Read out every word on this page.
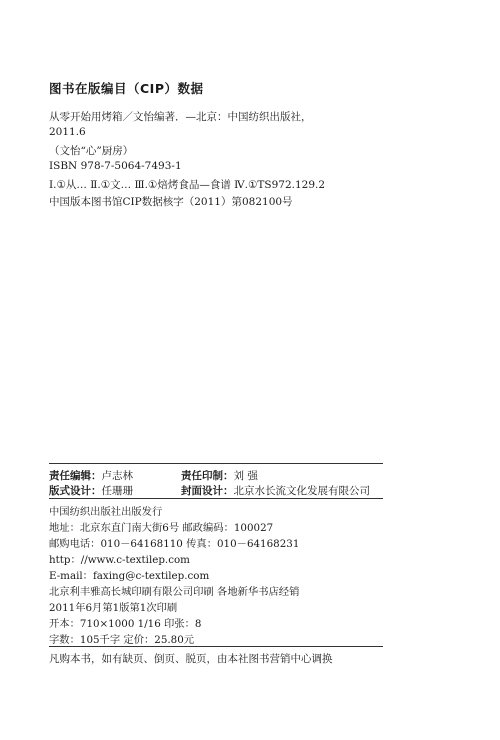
图书在版编目（CIP）数据
从零开始用烤箱／文怡编著．—北京：中国纺织出版社，
2011.6
（文怡“心”厨房）
ISBN 978-7-5064-7493-1
Ⅰ.①从… Ⅱ.①文… Ⅲ.①焙烤食品—食谱 Ⅳ.①TS972.129.2
中国版本图书馆CIP数据核字（2011）第082100号
责任编辑：卢志林	责任印制：刘 强
版式设计：任珊珊	封面设计：北京水长流文化发展有限公司
中国纺织出版社出版发行
地址：北京东直门南大街6号 邮政编码：100027
邮购电话：010－64168110 传真：010－64168231
http：//www.c-textilep.com
E-mail：faxing@c-textilep.com
北京利丰雅高长城印刷有限公司印刷 各地新华书店经销
2011年6月第1版第1次印刷
开本：710×1000 1/16 印张：8
字数：105千字 定价：25.80元
凡购本书，如有缺页、倒页、脱页，由本社图书营销中心调换
